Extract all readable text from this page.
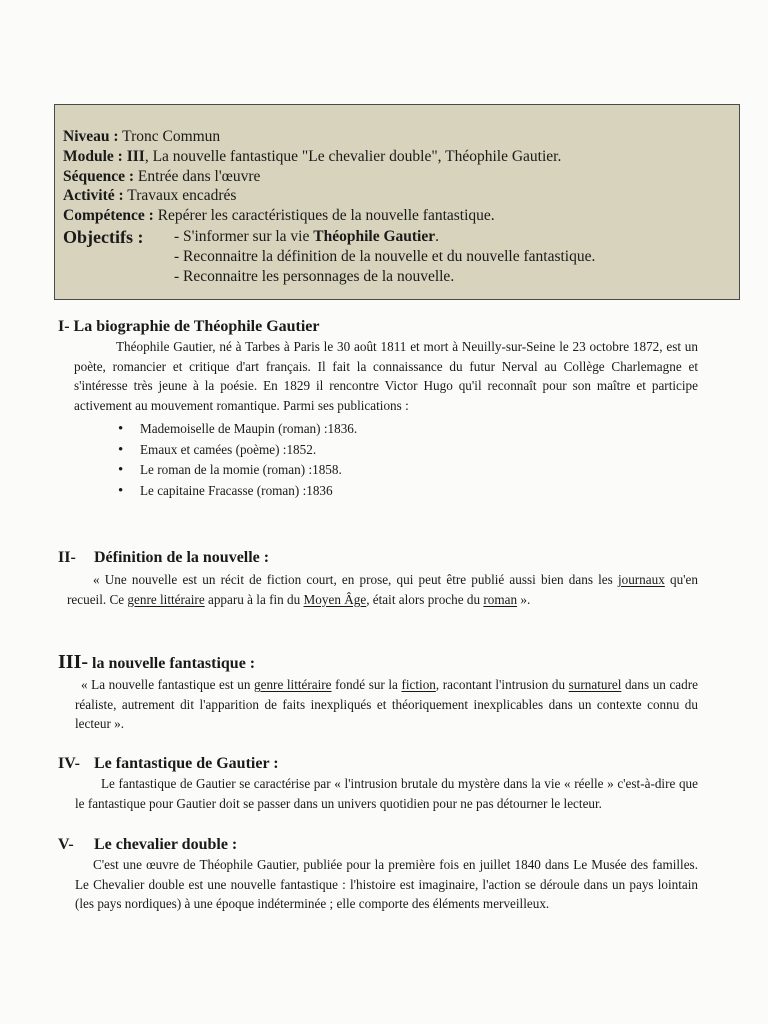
Niveau : Tronc Commun
Module : III, La nouvelle fantastique "Le chevalier double", Théophile Gautier.
Séquence : Entrée dans l'œuvre
Activité : Travaux encadrés
Compétence : Repérer les caractéristiques de la nouvelle fantastique.
Objectifs :	- S'informer sur la vie Théophile Gautier.
- Reconnaitre la définition de la nouvelle et du nouvelle fantastique.
- Reconnaitre les personnages de la nouvelle.
I- La biographie de Théophile Gautier

Théophile Gautier, né à Tarbes à Paris le 30 août 1811 et mort à Neuilly-sur-Seine le 23 octobre 1872, est un poète, romancier et critique d'art français. Il fait la connaissance du futur Nerval au Collège Charlemagne et s'intéresse très jeune à la poésie. En 1829 il rencontre Victor Hugo qu'il reconnaît pour son maître et participe activement au mouvement romantique. Parmi ses publications :

• Mademoiselle de Maupin (roman) :1836.
• Emaux et camées (poème) :1852.
• Le roman de la momie (roman) :1858.
• Le capitaine Fracasse (roman) :1836
II- Définition de la nouvelle :

« Une nouvelle est un récit de fiction court, en prose, qui peut être publié aussi bien dans les journaux qu'en recueil. Ce genre littéraire apparu à la fin du Moyen Âge, était alors proche du roman ».

III- la nouvelle fantastique :

« La nouvelle fantastique est un genre littéraire fondé sur la fiction, racontant l'intrusion du surnaturel dans un cadre réaliste, autrement dit l'apparition de faits inexpliqués et théoriquement inexplicables dans un contexte connu du lecteur ».

IV- Le fantastique de Gautier :

Le fantastique de Gautier se caractérise par « l'intrusion brutale du mystère dans la vie « réelle » c'est-à-dire que le fantastique pour Gautier doit se passer dans un univers quotidien pour ne pas détourner le lecteur.

V- Le chevalier double :

C'est une œuvre de Théophile Gautier, publiée pour la première fois en juillet 1840 dans Le Musée des familles. Le Chevalier double est une nouvelle fantastique : l'histoire est imaginaire, l'action se déroule dans un pays lointain (les pays nordiques) à une époque indéterminée ; elle comporte des éléments merveilleux.
